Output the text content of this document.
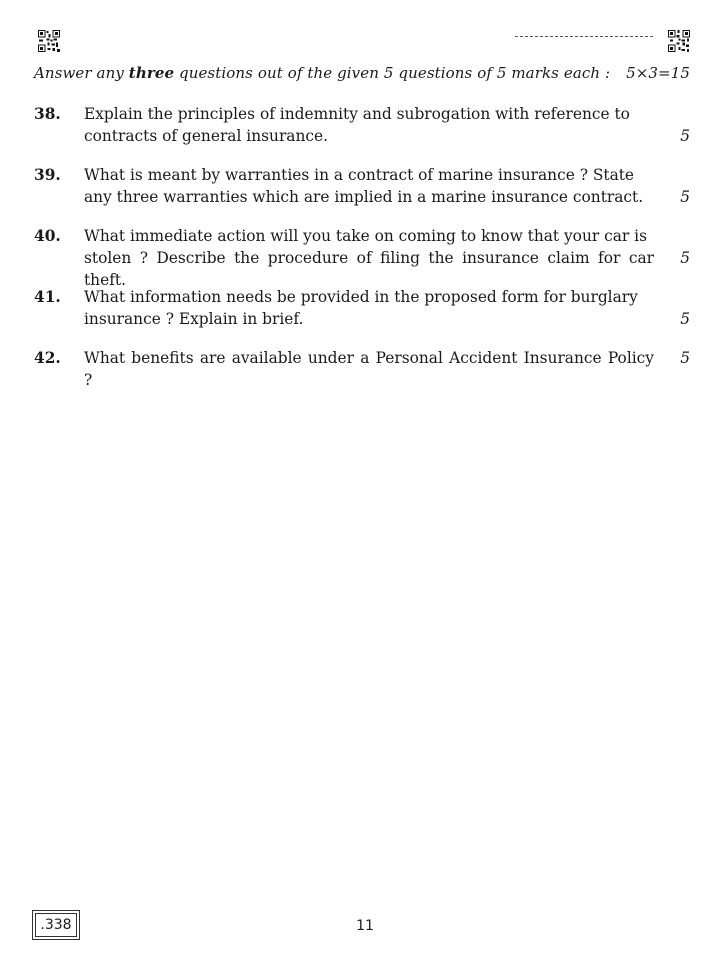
Answer any three questions out of the given 5 questions of 5 marks each : 5×3=15
38. Explain the principles of indemnity and subrogation with reference to
contracts of general insurance.	5
39. What is meant by warranties in a contract of marine insurance ? State
any three warranties which are implied in a marine insurance contract.	5
40. What immediate action will you take on coming to know that your car is
stolen ? Describe the procedure of filing the insurance claim for car theft.
5
41. What information needs be provided in the proposed form for burglary
insurance ? Explain in brief.	5
42. What benefits are available under a Personal Accident Insurance Policy ?
5
.338	11
